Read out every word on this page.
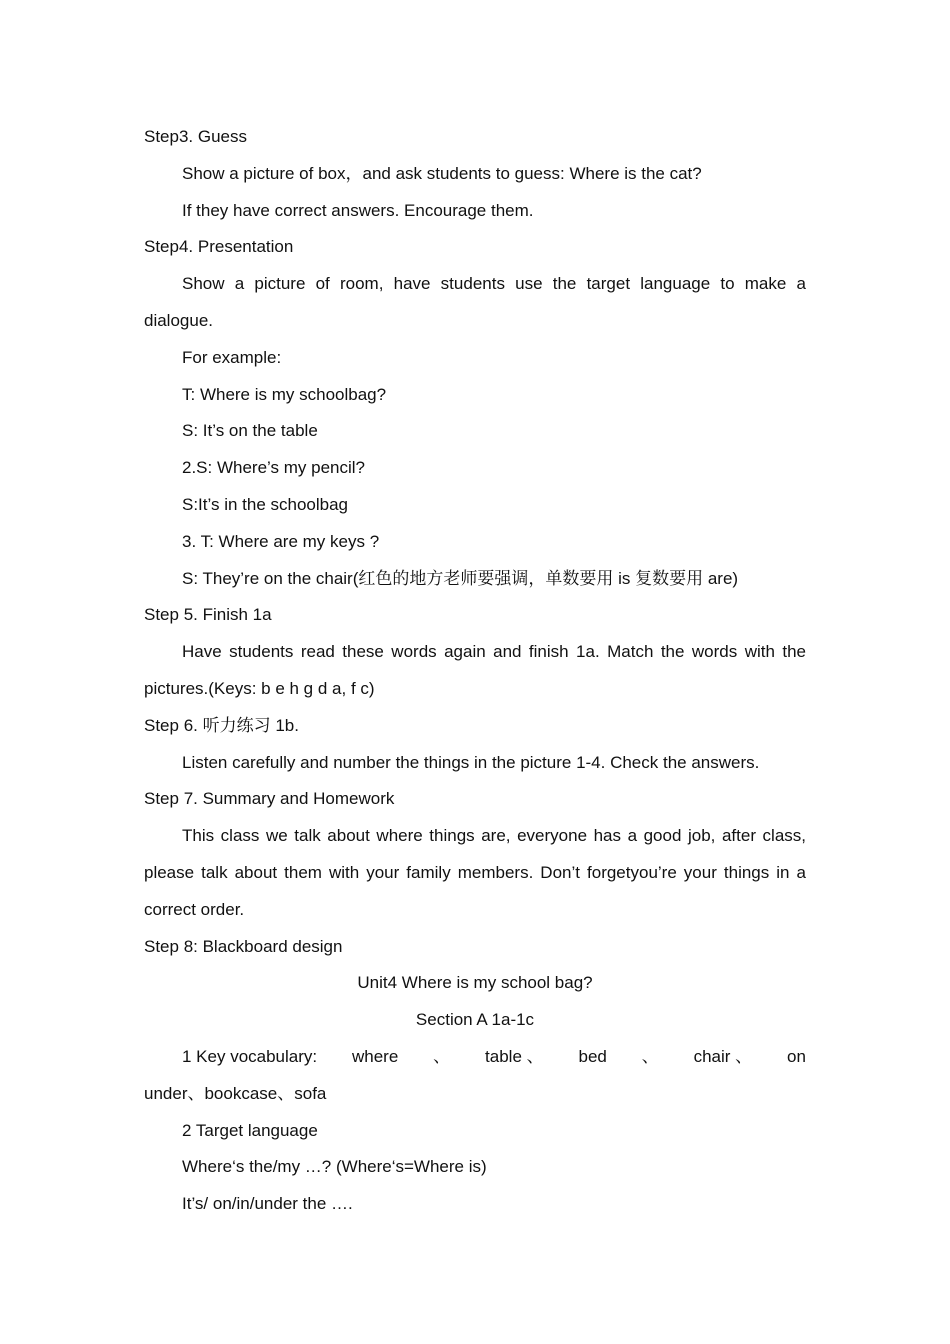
Step3. Guess
Show a picture of box，and ask students to guess: Where is the cat?
If they have correct answers. Encourage them.
Step4. Presentation
Show a picture of room, have students use the target language to make a
dialogue.
For example:
T: Where is my schoolbag?
S: It’s on the table
2.S: Where’s my pencil?
S:It’s in the schoolbag
3. T: Where are my keys ?
S: They’re on the chair(红色的地方老师要强调，单数要用 is 复数要用 are)
Step 5. Finish 1a
Have students read these words again and finish 1a. Match the words with the
pictures.(Keys: b e h g d a, f c)
Step 6. 听力练习 1b.
Listen carefully and number the things in the picture 1-4. Check the answers.
Step 7. Summary and Homework
This class we talk about where things are, everyone has a good job, after class,
please talk about them with your family members. Don’t forgetyou’re your things in a
correct order.
Step 8: Blackboard design
Unit4 Where is my school bag?
Section A 1a-1c
1 Key vocabulary: where 、 table 、 bed 、 chair 、 on
under、bookcase、sofa
2 Target language
Where‘s the/my …? (Where‘s=Where is)
It’s/ on/in/under the ….
